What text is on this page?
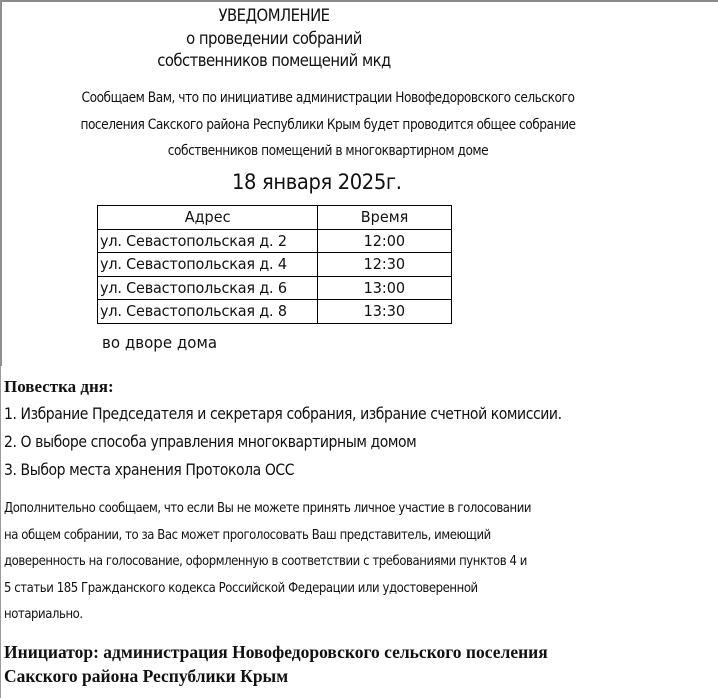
УВЕДОМЛЕНИЕ
о проведении собраний
собственников помещений мкд
Сообщаем Вам, что по инициативе администрации Новофедоровского сельского
поселения Сакского района Республики Крым будет проводится общее собрание
собственников помещений в многоквартирном доме
18 января 2025г.
Адрес	Время
ул. Севастопольская д. 2	12:00
ул. Севастопольская д. 4	12:30
ул. Севастопольская д. 6	13:00
ул. Севастопольская д. 8	13:30
во дворе дома
Повестка дня:
1. Избрание Председателя и секретаря собрания, избрание счетной комиссии.
2. О выборе способа управления многоквартирным домом
3. Выбор места хранения Протокола ОСС
Дополнительно сообщаем, что если Вы не можете принять личное участие в голосовании
на общем собрании, то за Вас может проголосовать Ваш представитель, имеющий
доверенность на голосование, оформленную в соответствии с требованиями пунктов 4 и
5 статьи 185 Гражданского кодекса Российской Федерации или удостоверенной
нотариально.
Инициатор: администрация Новофедоровского сельского поселения
Сакского района Республики Крым
